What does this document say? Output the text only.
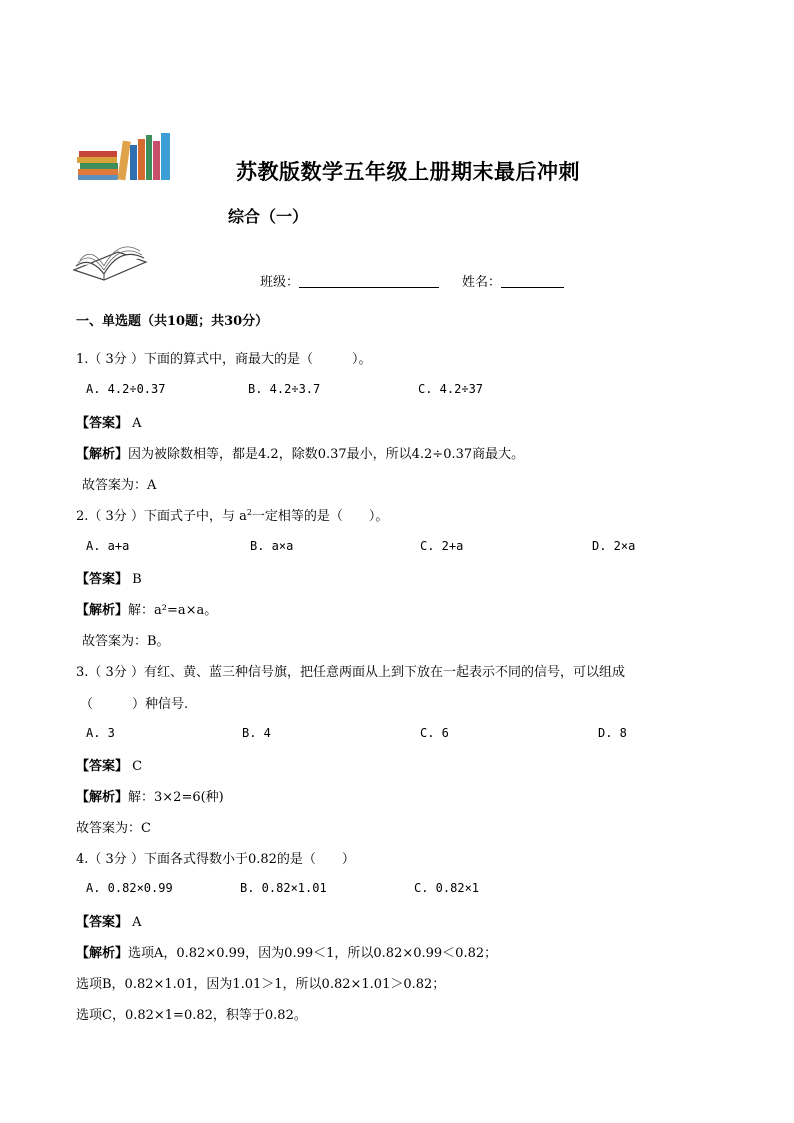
苏教版数学五年级上册期末最后冲刺
综合（一）
班级：	姓名：
一、单选题（共10题；共30分）
1.（ 3分 ）下面的算式中，商最大的是（　　　）。
A. 4.2÷0.37	B. 4.2÷3.7	C. 4.2÷37
【答案】 A
【解析】因为被除数相等，都是4.2，除数0.37最小，所以4.2÷0.37商最大。
故答案为：A
2.（ 3分 ）下面式子中，与 $a^2$一定相等的是（　　）。
A. a+a	B. a×a	C. 2+a	D. 2×a
【答案】 B
【解析】解：a²=a×a。
故答案为：B。
3.（ 3分 ）有红、黄、蓝三种信号旗，把任意两面从上到下放在一起表示不同的信号，可以组成
（　　　）种信号.
A. 3	B. 4	C. 6	D. 8
【答案】 C
【解析】解：3×2=6(种)
故答案为：C
4.（ 3分 ）下面各式得数小于0.82的是（　　）
A. 0.82×0.99	B. 0.82×1.01	C. 0.82×1
【答案】 A
【解析】选项A，0.82×0.99，因为0.99＜1，所以0.82×0.99＜0.82；
选项B，0.82×1.01，因为1.01＞1，所以0.82×1.01＞0.82；
选项C，0.82×1=0.82，积等于0.82。
